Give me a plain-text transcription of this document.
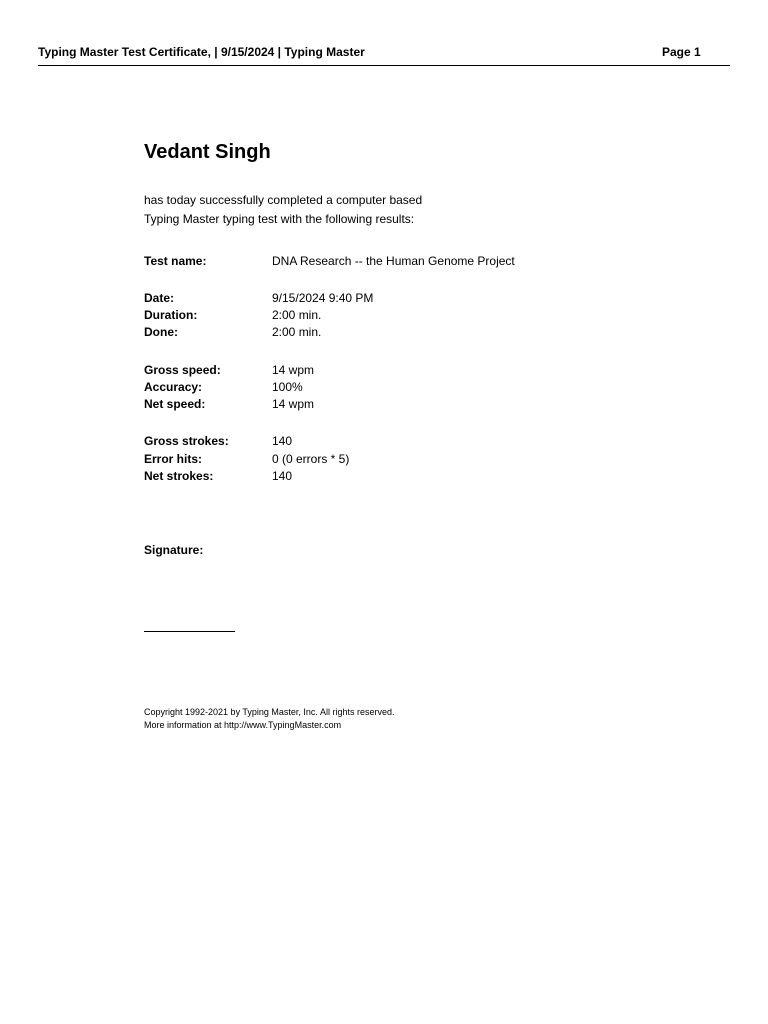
Typing Master Test Certificate, | 9/15/2024 | Typing Master	Page 1
Vedant Singh
has today successfully completed a computer based
Typing Master typing test with the following results:
Test name:	DNA Research -- the Human Genome Project
Date:	9/15/2024 9:40 PM
Duration:	2:00 min.
Done:	2:00 min.
Gross speed:	14 wpm
Accuracy:	100%
Net speed:	14 wpm
Gross strokes:	140
Error hits:	0 (0 errors * 5)
Net strokes:	140
Signature:
Copyright 1992-2021 by Typing Master, Inc. All rights reserved.
More information at http://www.TypingMaster.com
